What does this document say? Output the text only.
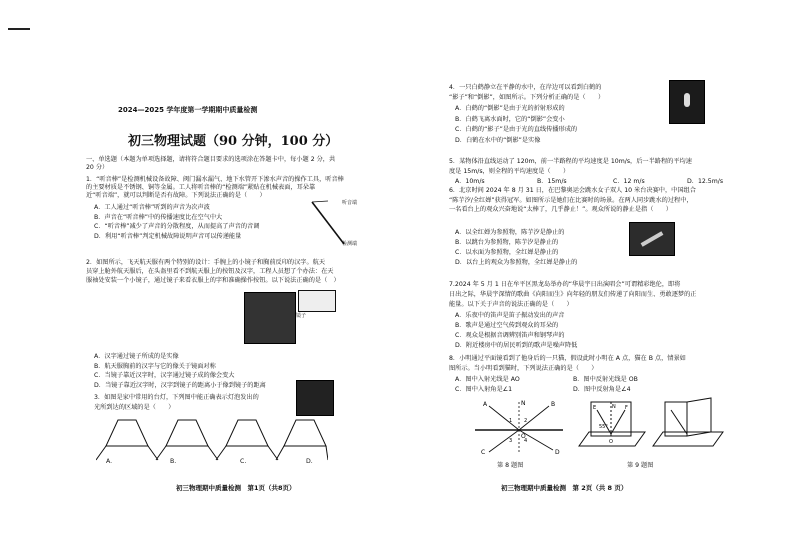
2024—2025 学年度第一学期期中质量检测
初三物理试题（90 分钟，100 分）
一、单选题（本题为单项选择题，请将符合题目要求的选项涂在答题卡中，每小题 2 分，共
20 分）
1．“听音棒”是检测机械设备故障、阀门漏水漏气、地下水管开下渗水声音的操作工具，听音棒
的主要材质是不锈钢、铜等金属。工人将听音棒的“检测端”紧贴在机械表面，耳朵靠
近“听音端”，就可以判断是否有故障。下列说法正确的是（　　）
A．工人通过“听音棒”听到的声音为次声波
B．声音在“听音棒”中的传播速度比在空气中大
C．“听音棒”减少了声音的分散程度，从而提高了声音的音调
D．利用“听音棒”判定机械故障说明声音可以传递能量
听音端
检测端
2．如图所示，飞天航天服有两个特别的设计：手腕上的小镜子和胸前反印的汉字。航天
员穿上舱外航天服后，在头盔里看不到航天服上的按钮及汉字，工程人员想了个办法：在天
服袖处安装一个小镜子，通过镜子来看衣服上的字和准确操作按钮。以下说法正确的是（　）
镜子
A．汉字通过镜子所成的是实像
B．航天服胸前的汉字与它的像关于镜面对称
C．当镜子靠近汉字时，汉字通过镜子成的像会变大
D．当镜子靠近汉字时，汉字到镜子的距离小于像到镜子的距离
3．如图是家中常用的台灯，下列图中能正确表示灯泡发出的
光所到达的区域的是（　　）
A.	B.	C.	D.
初三物理期中质量检测　第1页（共8页）
4．一只白鹤静立在平静的水中，在岸边可以看到白鹤的
“影子”和“倒影”，如图所示。下列分析正确的是（　　）
A．白鹤的“倒影”是由于光的折射形成的
B．白鹤飞离水面时，它的“倒影”会变小
C．白鹤的“影子”是由于光的直线传播形成的
D．白鹤在水中的“倒影”是实像
5．某物体沿直线运动了 120m，前一半路程的平均速度是 10m/s，后一半路程的平均速
度是 15m/s，则全程的平均速度是（　　）
A．10m/s	B．15m/s	C．12 m/s	D．12.5m/s
6．北京时间 2024 年 8 月 31 日，在巴黎奥运会跳水女子双人 10 米台决赛中，中国组合
“陈芋汐/全红婵”获得冠军。如图所示是她们在比赛时的场景。在两人同步跳水的过程中，
一名看台上的观众兴奋地说“太棒了，几乎静止！”。观众所说的静止是指（　　）
A．以全红婵为参照物，陈芋汐是静止的
B．以跳台为参照物，陈芋汐是静止的
C．以水面为参照物，全红婵是静止的
D．以台上的观众为参照物，全红婵是静止的
7.2024 年 5 月 1 日在牟平区黑龙岛举办的“华晨宇日出演唱会”可谓精彩绝伦，即将
日出之际，华晨宇深情的歌曲《向阳而生》向年轻的朋友们传递了向阳而生、勇敢逐梦的正
能量。以下关于声音的说法正确的是（　　）
A．乐夜中的笛声是笛子振动发出的声音
B．歌声是通过空气传到观众的耳朵的
C．观众是根据音调辨别笛声和钢琴声的
D．附近楼房中的居民听到的歌声是噪声降低
8．小明通过平面镜看到了他身后的一只猫，假设此时小明在 A 点，猫在 B 点，情景如
图所示。当小明看到猫时，下列说法正确的是（　　）
A．图中入射光线是 AO	B．图中反射光线是 OB
C．图中入射角是∠1	D．图中反射角是∠4
N
A	B
C	D
O
1 2
3 4
E	F
O
N
55°
第 8 题图	第 9 题图
初三物理期中质量检测　第 2页（共 8 页）
